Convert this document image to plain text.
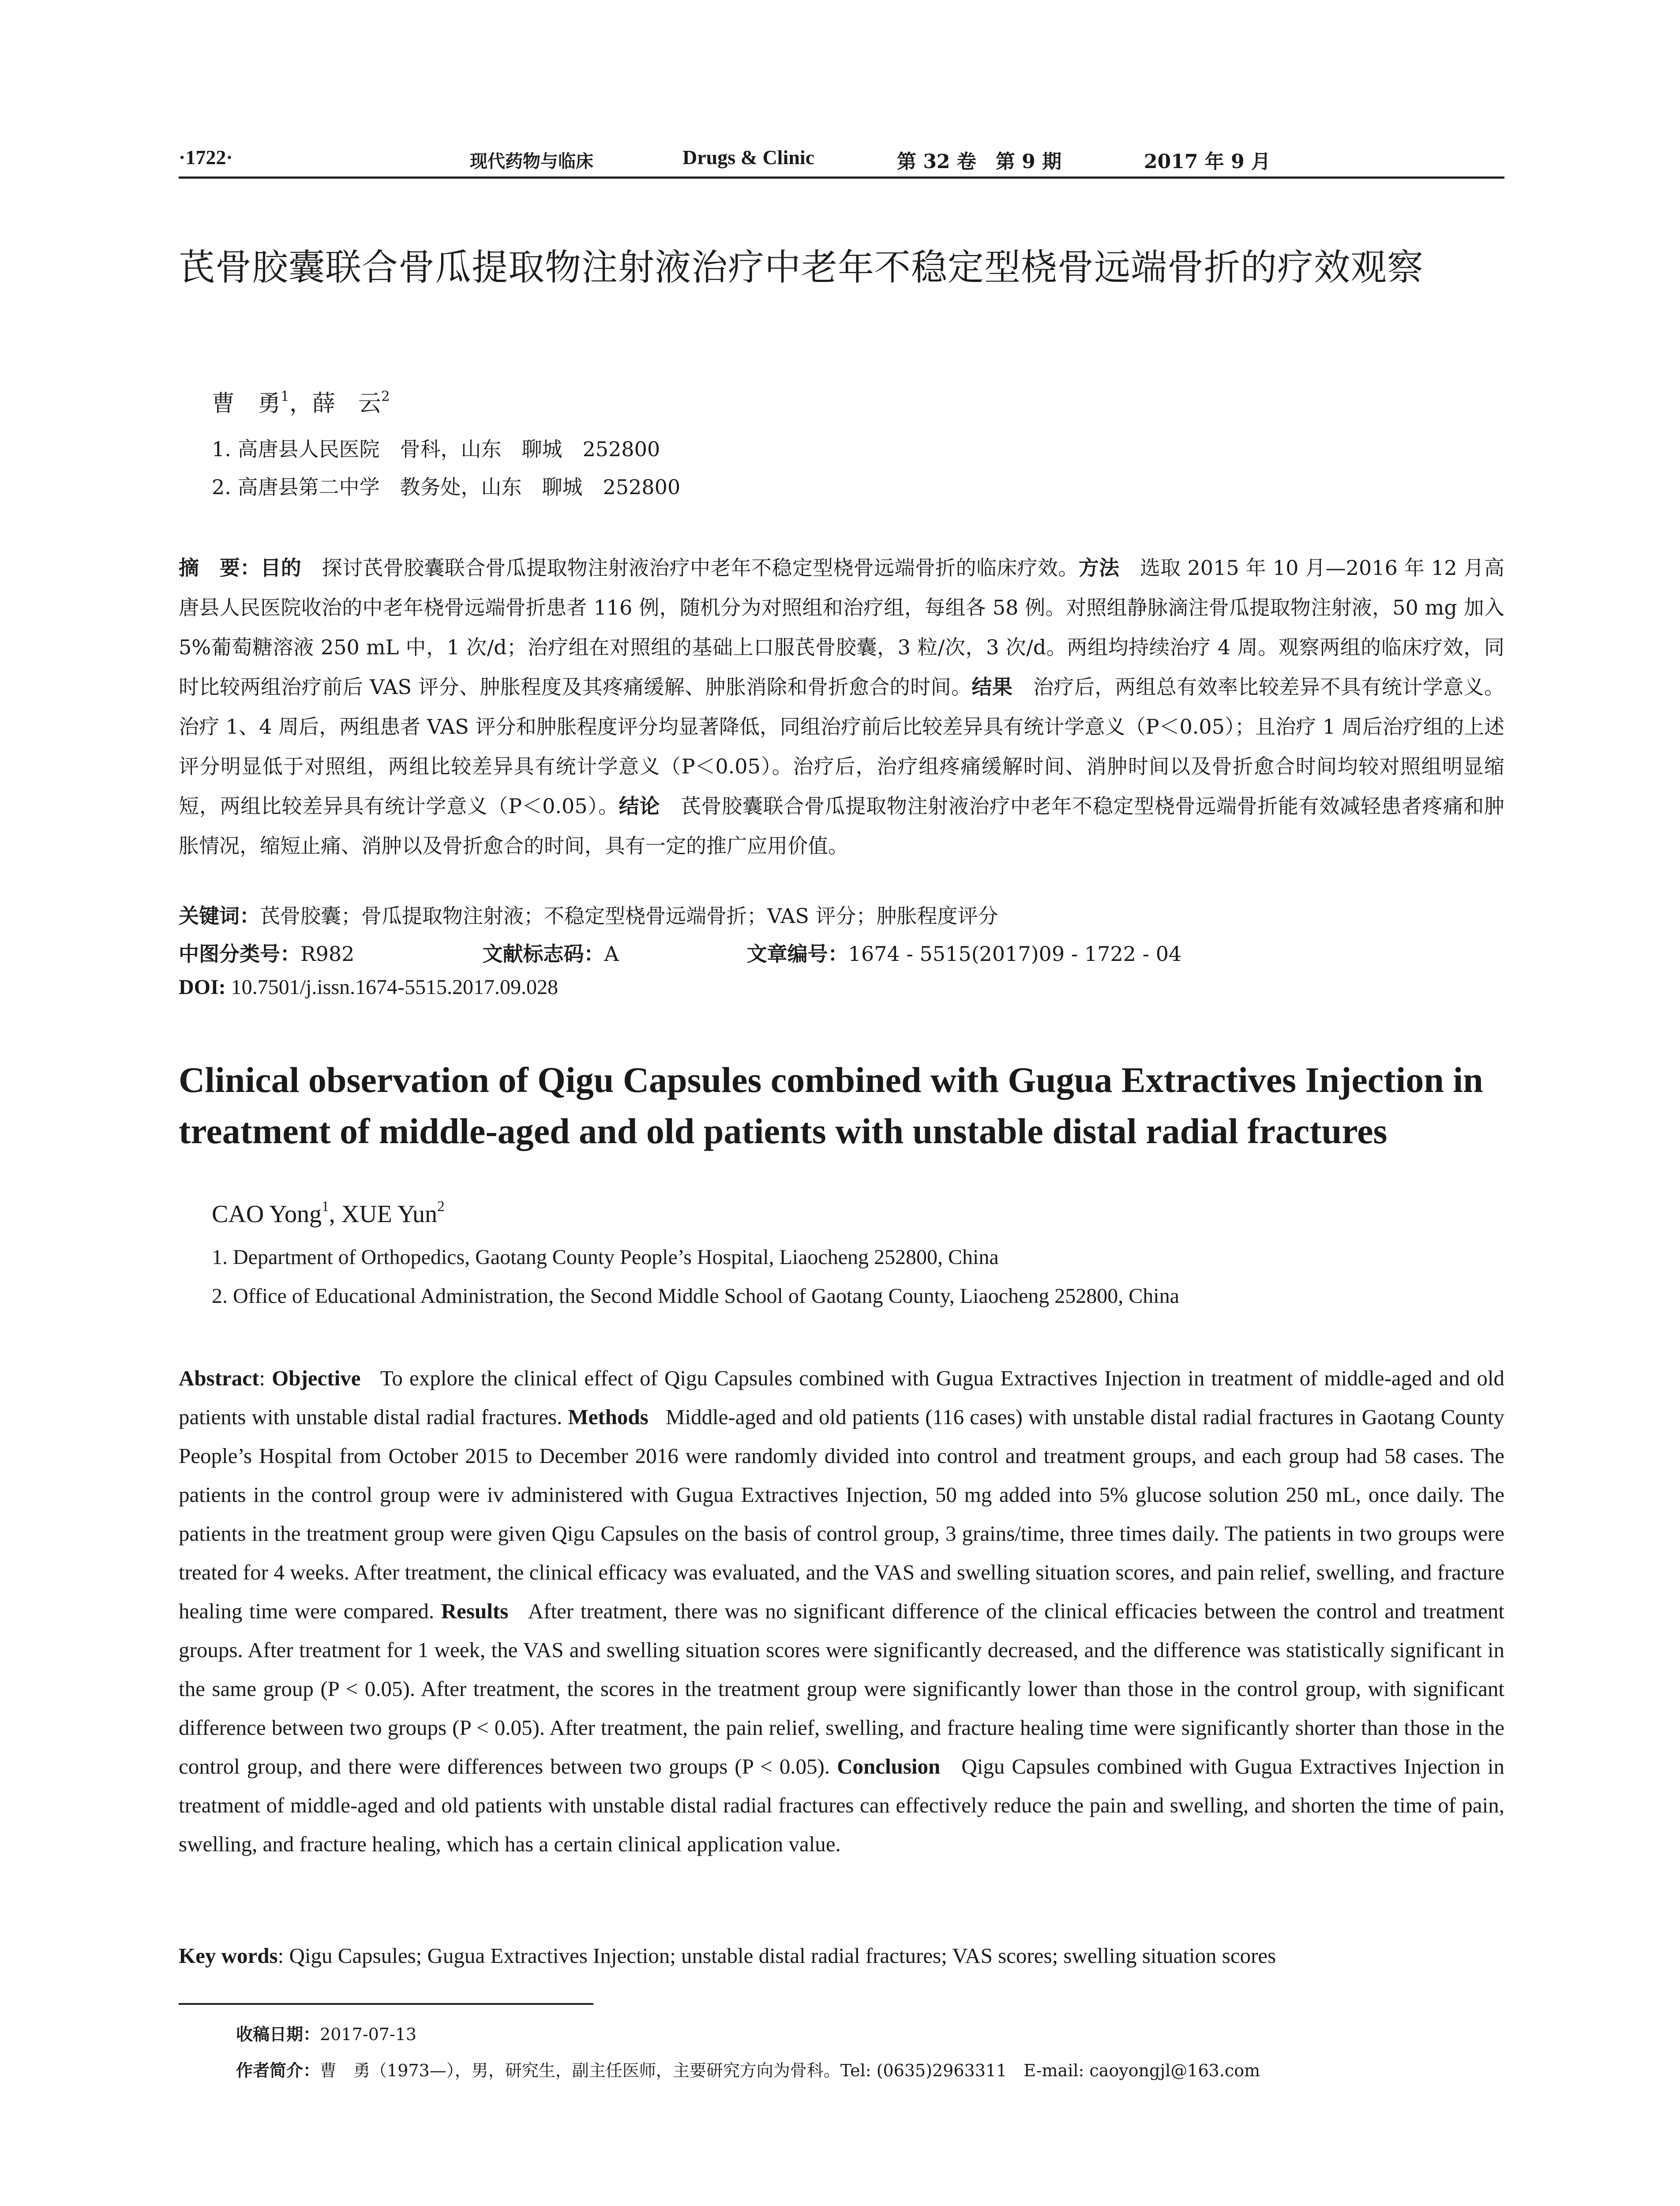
·1722·	现代药物与临床	Drugs & Clinic	第 32 卷　第 9 期	2017 年 9 月
芪骨胶囊联合骨瓜提取物注射液治疗中老年不稳定型桡骨远端骨折的疗效观察
曹　勇$^1$，薛　云$^2$
1. 高唐县人民医院　骨科，山东　聊城　252800
2. 高唐县第二中学　教务处，山东　聊城　252800
摘　要：目的　 探讨芪骨胶囊联合骨瓜提取物注射液治疗中老年不稳定型桡骨远端骨折的临床疗效。方法　 选取 2015 年 10 月—2016 年 12 月高唐县人民医院收治的中老年桡骨远端骨折患者 116 例，随机分为对照组和治疗组，每组各 58 例。对照组静脉滴注骨瓜提取物注射液，50 mg 加入 5%葡萄糖溶液 250 mL 中，1 次/d；治疗组在对照组的基础上口服芪骨胶囊，3 粒/次，3 次/d。两组均持续治疗 4 周。观察两组的临床疗效，同时比较两组治疗前后 VAS 评分、肿胀程度及其疼痛缓解、肿胀消除和骨折愈合的时间。结果　 治疗后，两组总有效率比较差异不具有统计学意义。治疗 1、4 周后，两组患者 VAS 评分和肿胀程度评分均显著降低，同组治疗前后比较差异具有统计学意义（P＜0.05）；且治疗 1 周后治疗组的上述评分明显低于对照组，两组比较差异具有统计学意义（P＜0.05）。治疗后，治疗组疼痛缓解时间、消肿时间以及骨折愈合时间均较对照组明显缩短，两组比较差异具有统计学意义（P＜0.05）。结论　 芪骨胶囊联合骨瓜提取物注射液治疗中老年不稳定型桡骨远端骨折能有效减轻患者疼痛和肿胀情况，缩短止痛、消肿以及骨折愈合的时间，具有一定的推广应用价值。
关键词：芪骨胶囊；骨瓜提取物注射液；不稳定型桡骨远端骨折；VAS 评分；肿胀程度评分
中图分类号：R982	文献标志码：A	文章编号：1674 - 5515(2017)09 - 1722 - 04
DOI: 10.7501/j.issn.1674-5515.2017.09.028
Clinical observation of Qigu Capsules combined with Gugua Extractives Injection in treatment of middle-aged and old patients with unstable distal radial fractures
CAO Yong$^1$, XUE Yun$^2$
1. Department of Orthopedics, Gaotang County People’s Hospital, Liaocheng 252800, China
2. Office of Educational Administration, the Second Middle School of Gaotang County, Liaocheng 252800, China
Abstract: Objective To explore the clinical effect of Qigu Capsules combined with Gugua Extractives Injection in treatment of middle-aged and old patients with unstable distal radial fractures. Methods Middle-aged and old patients (116 cases) with unstable distal radial fractures in Gaotang County People’s Hospital from October 2015 to December 2016 were randomly divided into control and treatment groups, and each group had 58 cases. The patients in the control group were iv administered with Gugua Extractives Injection, 50 mg added into 5% glucose solution 250 mL, once daily. The patients in the treatment group were given Qigu Capsules on the basis of control group, 3 grains/time, three times daily. The patients in two groups were treated for 4 weeks. After treatment, the clinical efficacy was evaluated, and the VAS and swelling situation scores, and pain relief, swelling, and fracture healing time were compared. Results After treatment, there was no significant difference of the clinical efficacies between the control and treatment groups. After treatment for 1 week, the VAS and swelling situation scores were significantly decreased, and the difference was statistically significant in the same group (P < 0.05). After treatment, the scores in the treatment group were significantly lower than those in the control group, with significant difference between two groups (P < 0.05). After treatment, the pain relief, swelling, and fracture healing time were significantly shorter than those in the control group, and there were differences between two groups (P < 0.05). Conclusion Qigu Capsules combined with Gugua Extractives Injection in treatment of middle-aged and old patients with unstable distal radial fractures can effectively reduce the pain and swelling, and shorten the time of pain, swelling, and fracture healing, which has a certain clinical application value.
Key words: Qigu Capsules; Gugua Extractives Injection; unstable distal radial fractures; VAS scores; swelling situation scores
收稿日期：2017-07-13
作者简介：曹　勇（1973—），男，研究生，副主任医师，主要研究方向为骨科。Tel: (0635)2963311　E-mail: caoyongjl@163.com
